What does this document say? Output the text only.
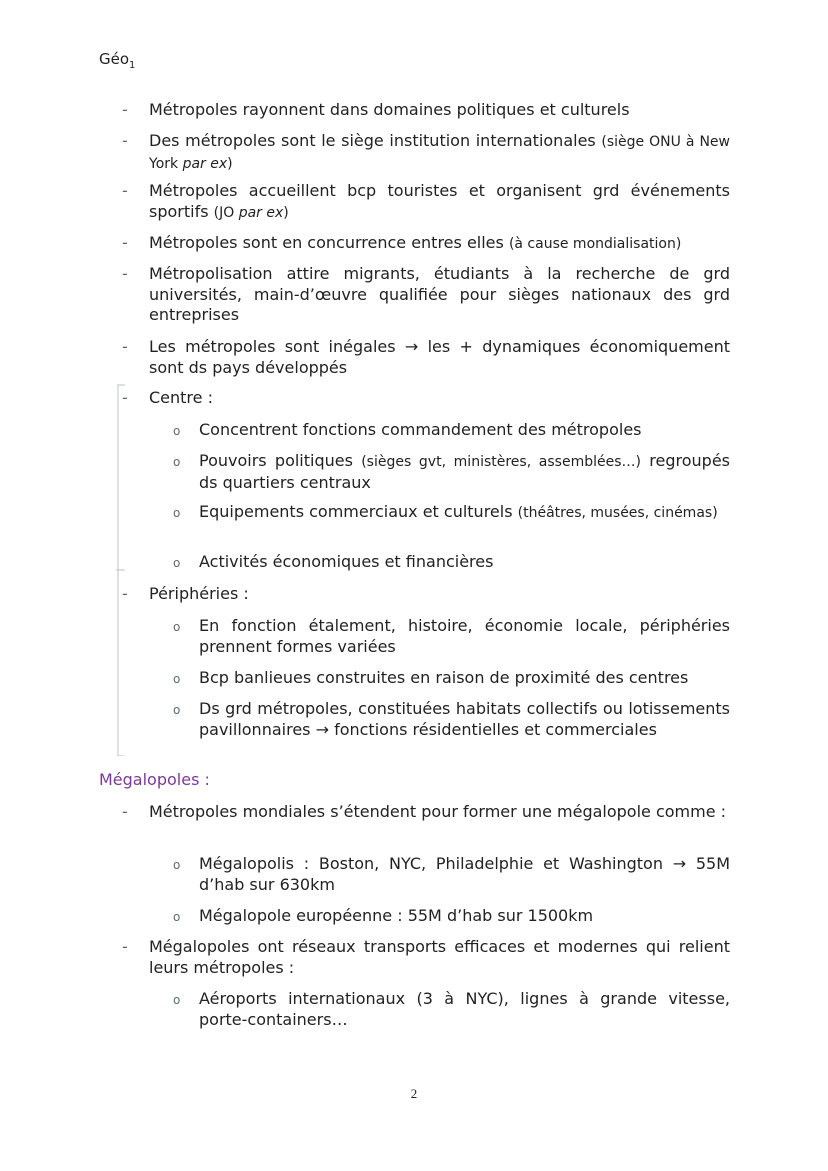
Géo$_1$
- Métropoles rayonnent dans domaines politiques et culturels
- Des métropoles sont le siège institution internationales (siège ONU à New York par ex)
- Métropoles accueillent bcp touristes et organisent grd événements sportifs (JO par ex)
- Métropoles sont en concurrence entres elles (à cause mondialisation)
- Métropolisation attire migrants, étudiants à la recherche de grd universités, main-d’œuvre qualifiée pour sièges nationaux des grd entreprises
- Les métropoles sont inégales → les + dynamiques économiquement sont ds pays développés
- Centre :
o Concentrent fonctions commandement des métropoles
o Pouvoirs politiques (sièges gvt, ministères, assemblées…) regroupés ds quartiers centraux
o Equipements commerciaux et culturels (théâtres, musées, cinémas)
o Activités économiques et financières
- Périphéries :
o En fonction étalement, histoire, économie locale, périphéries prennent formes variées
o Bcp banlieues construites en raison de proximité des centres
o Ds grd métropoles, constituées habitats collectifs ou lotissements pavillonnaires → fonctions résidentielles et commerciales
Mégalopoles :
- Métropoles mondiales s’étendent pour former une mégalopole comme :
o Mégalopolis : Boston, NYC, Philadelphie et Washington → 55M d’hab sur 630km
o Mégalopole européenne : 55M d’hab sur 1500km
- Mégalopoles ont réseaux transports efficaces et modernes qui relient leurs métropoles :
o Aéroports internationaux (3 à NYC), lignes à grande vitesse, porte-containers…
2
